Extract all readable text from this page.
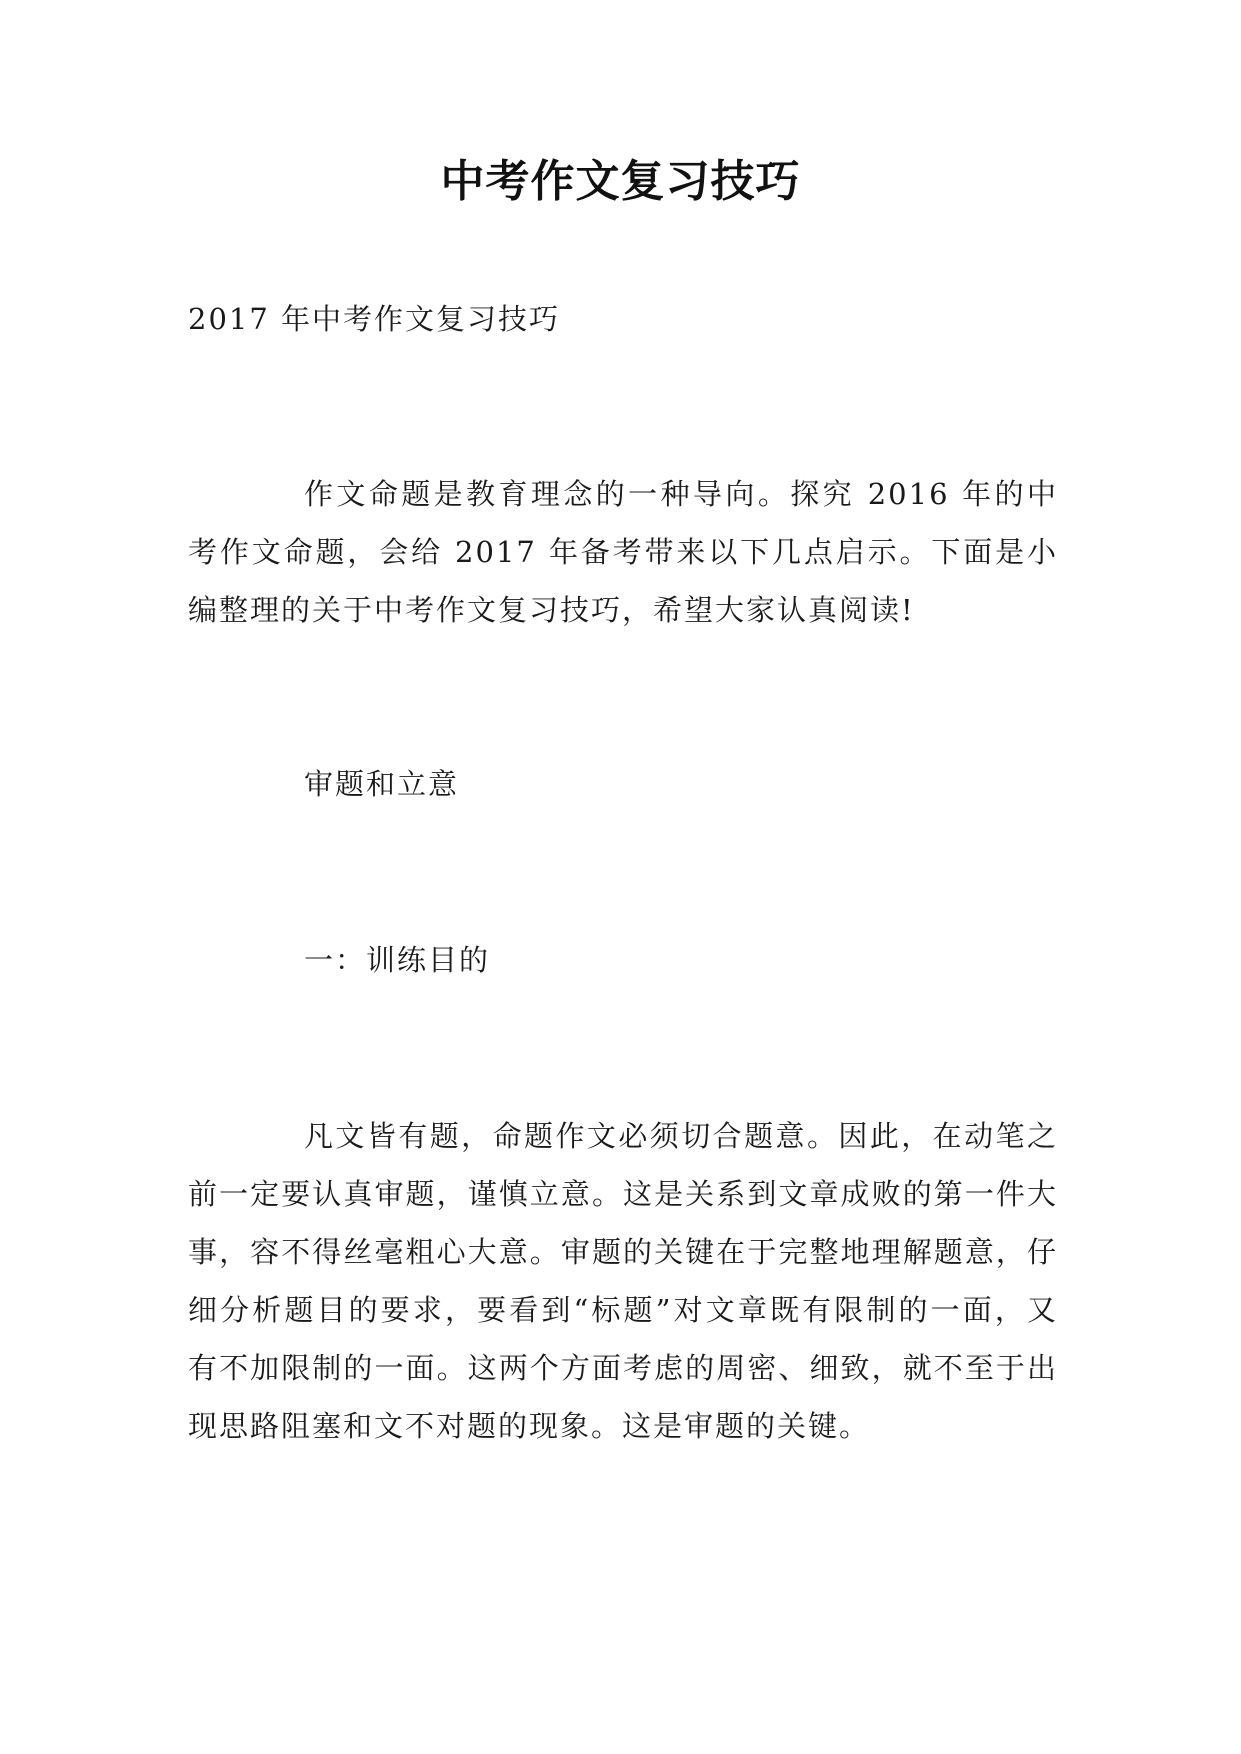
中考作文复习技巧

2017 年中考作文复习技巧

作文命题是教育理念的一种导向。探究 2016 年的中考作文命题，会给 2017 年备考带来以下几点启示。下面是小编整理的关于中考作文复习技巧，希望大家认真阅读!

审题和立意

一：训练目的

凡文皆有题，命题作文必须切合题意。因此，在动笔之前一定要认真审题，谨慎立意。这是关系到文章成败的第一件大事，容不得丝毫粗心大意。审题的关键在于完整地理解题意，仔细分析题目的要求，要看到“标题”对文章既有限制的一面，又有不加限制的一面。这两个方面考虑的周密、细致，就不至于出现思路阻塞和文不对题的现象。这是审题的关键。
